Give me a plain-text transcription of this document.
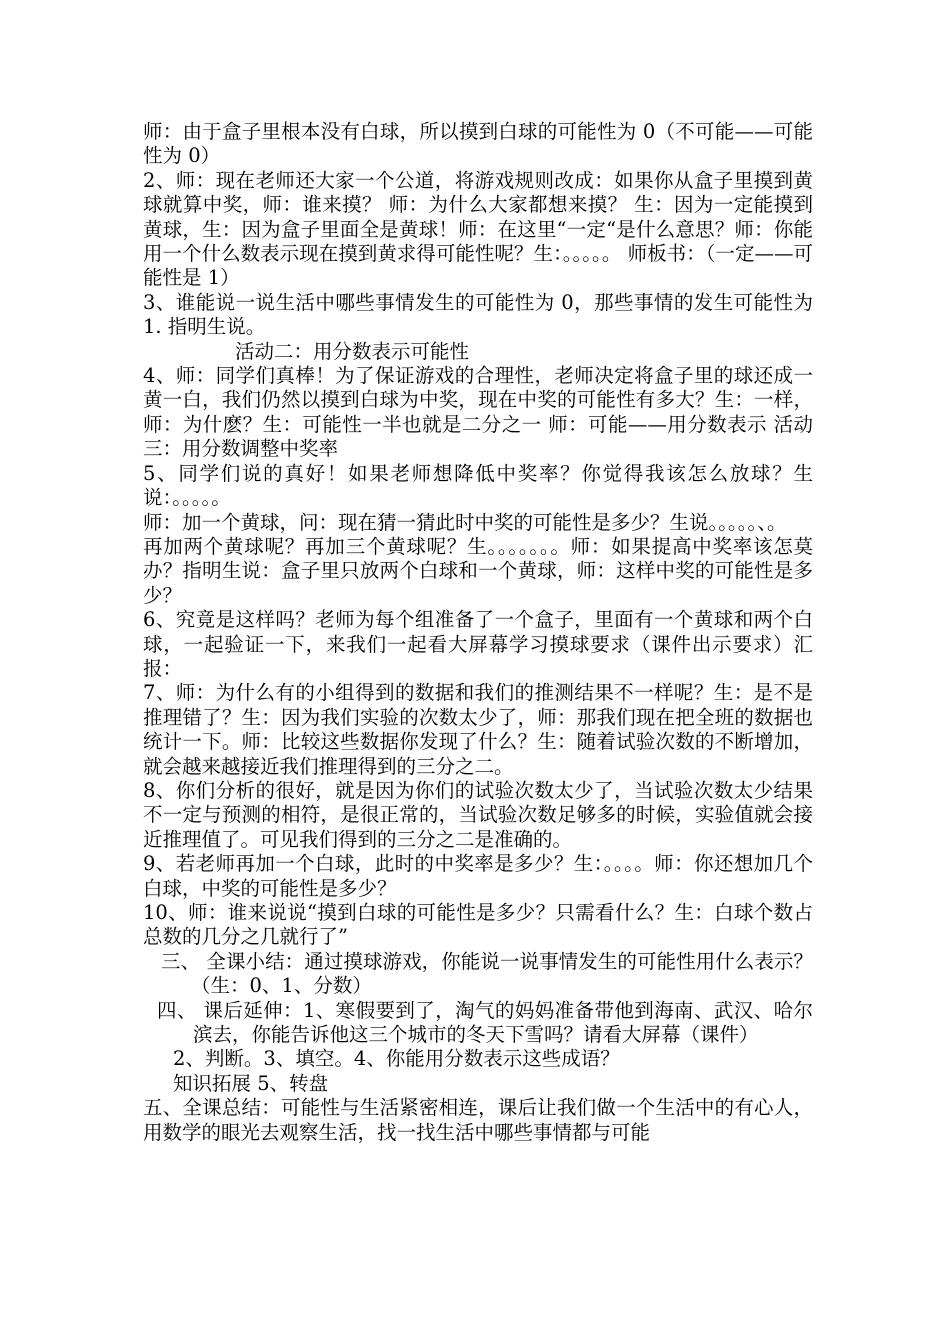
师：由于盒子里根本没有白球，所以摸到白球的可能性为 0（不可能——可能性为 0）

2、师：现在老师还大家一个公道，将游戏规则改成：如果你从盒子里摸到黄球就算中奖，师：谁来摸？ 师：为什么大家都想来摸？ 生：因为一定能摸到黄球，生：因为盒子里面全是黄球！师：在这里“一定“是什么意思？师：你能用一个什么数表示现在摸到黄求得可能性呢？生：。。。。。 师板书：（一定——可能性是 1）

3、谁能说一说生活中哪些事情发生的可能性为 0，那些事情的发生可能性为 1. 指明生说。

活动二：用分数表示可能性

4、师：同学们真棒！为了保证游戏的合理性，老师决定将盒子里的球还成一黄一白，我们仍然以摸到白球为中奖，现在中奖的可能性有多大？生：一样，师：为什麽？生：可能性一半也就是二分之一 师：可能——用分数表示 活动三：用分数调整中奖率

5、同学们说的真好！如果老师想降低中奖率？你觉得我该怎么放球？生说：。。。。。

师：加一个黄球，问：现在猜一猜此时中奖的可能性是多少？生说。。。。。、。

再加两个黄球呢？再加三个黄球呢？生。。。。。。。师：如果提高中奖率该怎莫办？指明生说：盒子里只放两个白球和一个黄球，师：这样中奖的可能性是多少？

6、究竟是这样吗？老师为每个组准备了一个盒子，里面有一个黄球和两个白球，一起验证一下，来我们一起看大屏幕学习摸球要求（课件出示要求）汇报：

7、师：为什么有的小组得到的数据和我们的推测结果不一样呢？生：是不是推理错了？生：因为我们实验的次数太少了，师：那我们现在把全班的数据也统计一下。师：比较这些数据你发现了什么？生：随着试验次数的不断增加，就会越来越接近我们推理得到的三分之二。

8、你们分析的很好，就是因为你们的试验次数太少了，当试验次数太少结果不一定与预测的相符，是很正常的，当试验次数足够多的时候，实验值就会接近推理值了。可见我们得到的三分之二是准确的。

9、若老师再加一个白球，此时的中奖率是多少？生：。。。。师：你还想加几个白球，中奖的可能性是多少？

10、师：谁来说说“摸到白球的可能性是多少？只需看什么？生：白球个数占总数的几分之几就行了”

三、 全课小结：通过摸球游戏，你能说一说事情发生的可能性用什么表示？（生：0、1、分数）

四、 课后延伸：1、寒假要到了，淘气的妈妈准备带他到海南、武汉、哈尔滨去，你能告诉他这三个城市的冬天下雪吗？请看大屏幕（课件）

2、判断。3、填空。4、你能用分数表示这些成语？

知识拓展 5、转盘

五、全课总结：可能性与生活紧密相连，课后让我们做一个生活中的有心人，用数学的眼光去观察生活，找一找生活中哪些事情都与可能
